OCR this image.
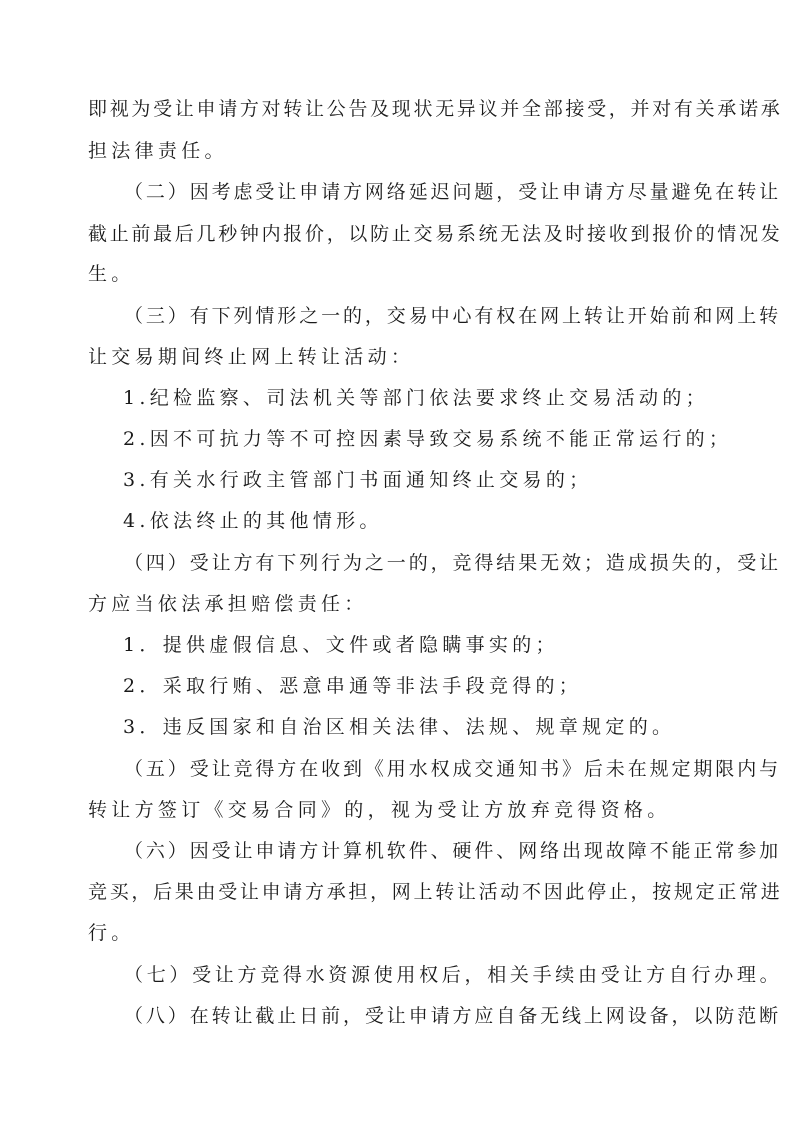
即视为受让申请方对转让公告及现状无异议并全部接受，并对有关承诺承
担法律责任。
（二）因考虑受让申请方网络延迟问题，受让申请方尽量避免在转让
截止前最后几秒钟内报价，以防止交易系统无法及时接收到报价的情况发
生。
（三）有下列情形之一的，交易中心有权在网上转让开始前和网上转
让交易期间终止网上转让活动：
1.纪检监察、司法机关等部门依法要求终止交易活动的；
2.因不可抗力等不可控因素导致交易系统不能正常运行的；
3.有关水行政主管部门书面通知终止交易的；
4.依法终止的其他情形。
（四）受让方有下列行为之一的，竞得结果无效；造成损失的，受让
方应当依法承担赔偿责任：
1．提供虚假信息、文件或者隐瞒事实的；
2．采取行贿、恶意串通等非法手段竞得的；
3．违反国家和自治区相关法律、法规、规章规定的。
（五）受让竞得方在收到《用水权成交通知书》后未在规定期限内与
转让方签订《交易合同》的，视为受让方放弃竞得资格。
（六）因受让申请方计算机软件、硬件、网络出现故障不能正常参加
竞买，后果由受让申请方承担，网上转让活动不因此停止，按规定正常进
行。
（七）受让方竞得水资源使用权后，相关手续由受让方自行办理。
（八）在转让截止日前，受让申请方应自备无线上网设备，以防范断
